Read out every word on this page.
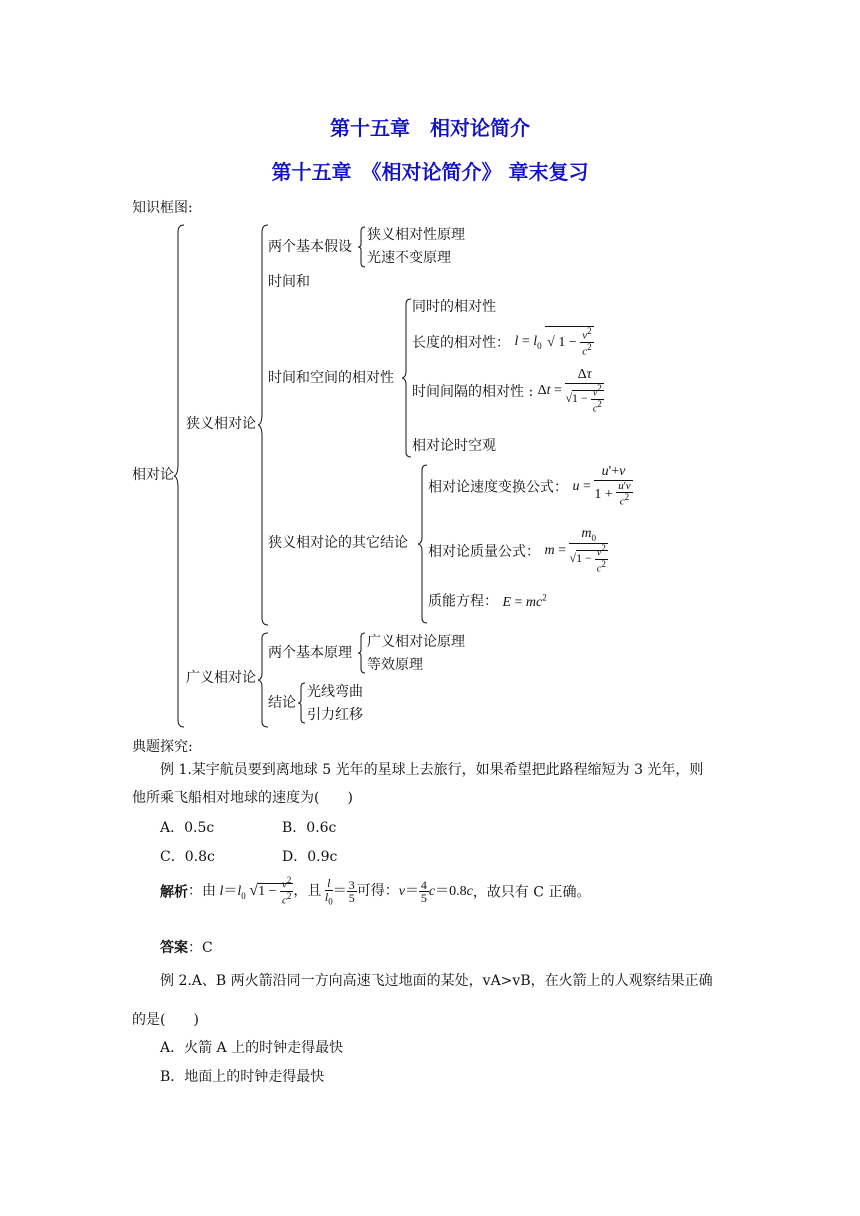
第十五章　相对论简介
第十五章　《相对论简介》 章末复习
知识框图:
相对论
狭义相对论
广义相对论
两个基本假设
狭义相对性原理
光速不变原理
时间和
时间和空间的相对性
同时的相对性
长度的相对性： $l = l_0$ √ $1 - \frac{v^2}{c^2}$
时间间隔的相对性 : $\Delta t = \frac{\Delta\tau}{√1 - \frac{v2}{c2}}$
相对论时空观
狭义相对论的其它结论
相对论速度变换公式： $u = \frac{u'+v}{1 + \frac{u'v}{c^2}}$
相对论质量公式： $m = \frac{m_0}{√1 - \frac{v2}{c2}}$
质能方程： $E = mc^2$
两个基本原理
广义相对论原理
等效原理
结论
光线弯曲
引力红移
典题探究:
例 1.某宇航员要到离地球 5 光年的星球上去旅行，如果希望把此路程缩短为 3 光年，则
他所乘飞船相对地球的速度为(　　)
A．0.5c	B．0.6c
C．0.8c	D．0.9c
解析：由 $l=l_0$ $√1 - \frac{v^2}{c^2}$ ，且 $\frac{l}{l_0} = \frac{3}{5}$ 可得：$v= \frac{4}{5} c=0.8c$，故只有 C 正确。
答案：C
例 2.A、B 两火箭沿同一方向高速飞过地面的某处，vA>vB，在火箭上的人观察结果正确
的是(　　)
A．火箭 A 上的时钟走得最快
B．地面上的时钟走得最快
